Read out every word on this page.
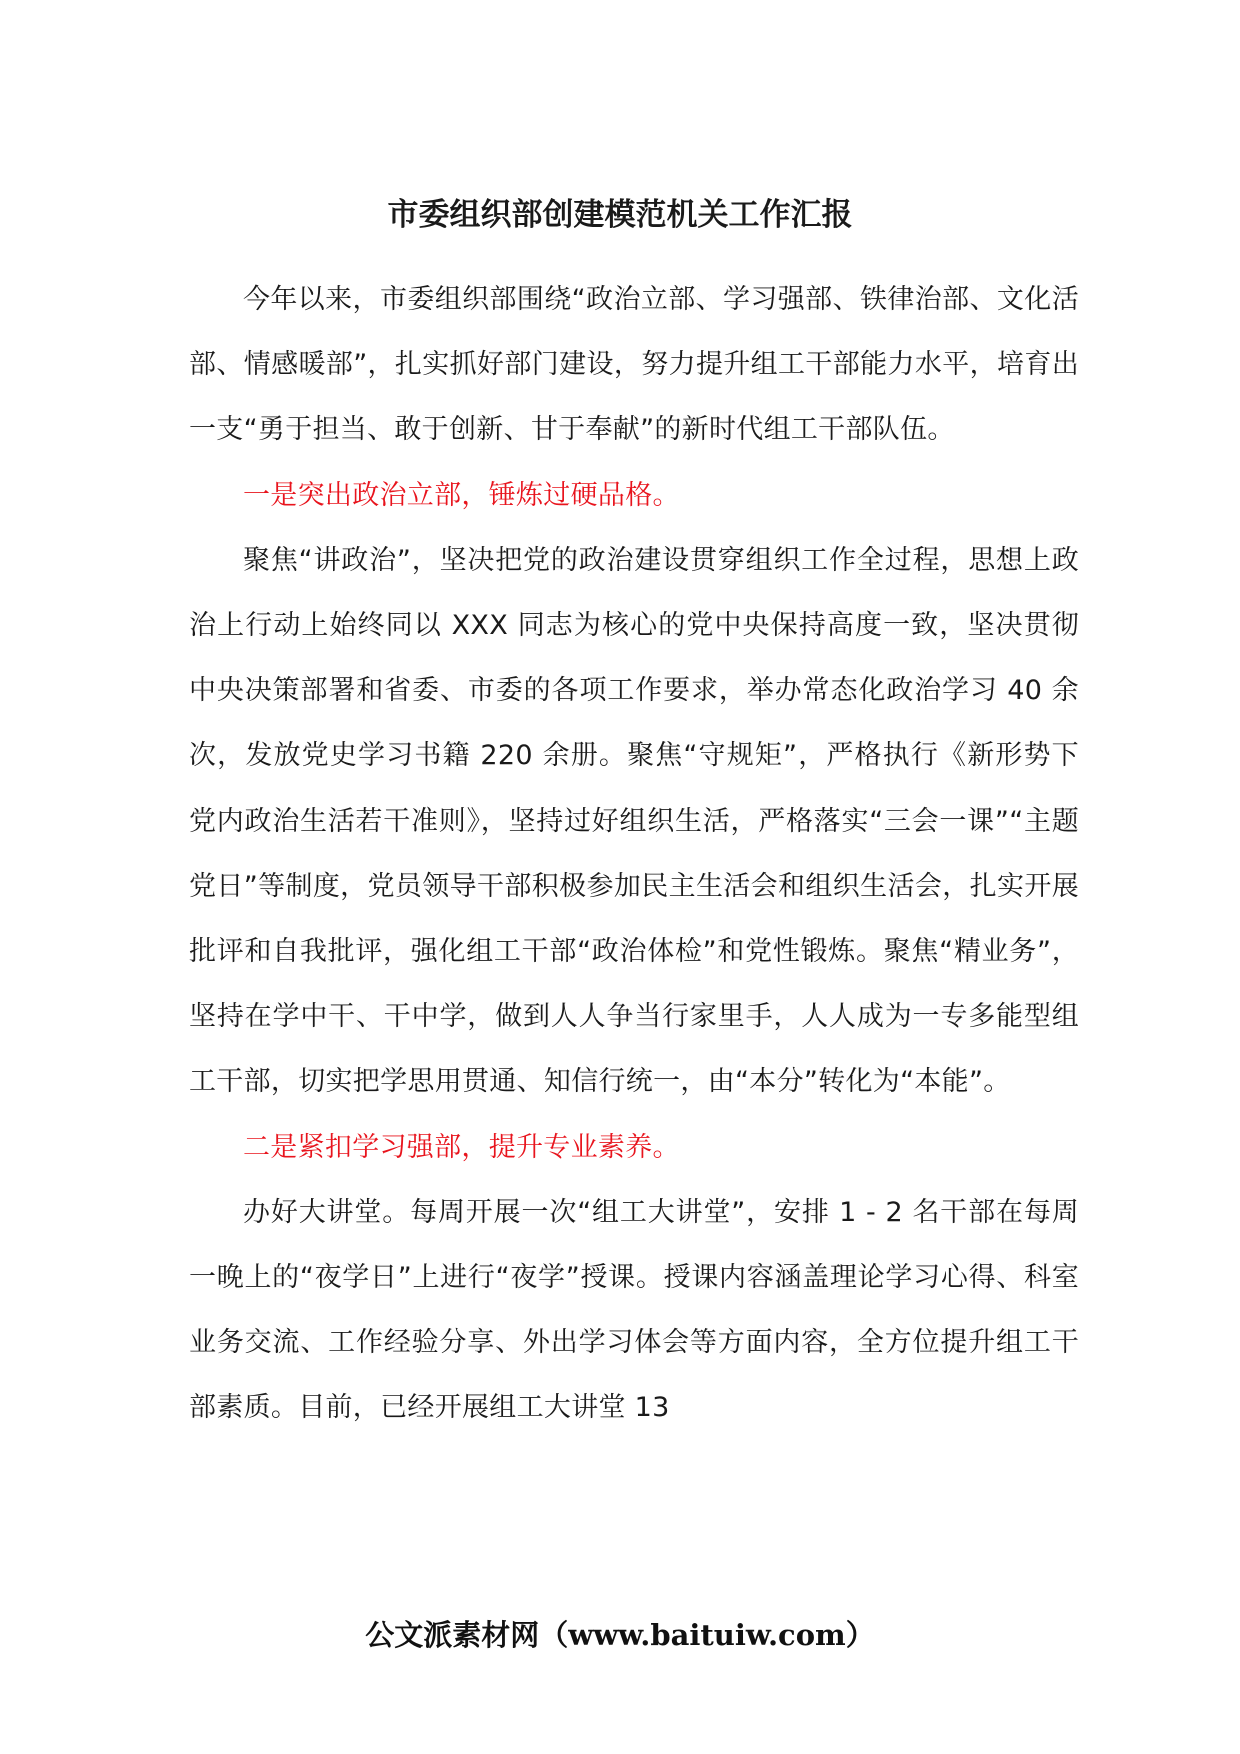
市委组织部创建模范机关工作汇报

今年以来，市委组织部围绕“政治立部、学习强部、铁律治部、文化活部、情感暖部”，扎实抓好部门建设，努力提升组工干部能力水平，培育出一支“勇于担当、敢于创新、甘于奉献”的新时代组工干部队伍。

一是突出政治立部，锤炼过硬品格。

聚焦“讲政治”，坚决把党的政治建设贯穿组织工作全过程，思想上政治上行动上始终同以 XXX 同志为核心的党中央保持高度一致，坚决贯彻中央决策部署和省委、市委的各项工作要求，举办常态化政治学习 40 余次，发放党史学习书籍 220 余册。聚焦“守规矩”，严格执行《新形势下党内政治生活若干准则》，坚持过好组织生活，严格落实“三会一课”“主题党日”等制度，党员领导干部积极参加民主生活会和组织生活会，扎实开展批评和自我批评，强化组工干部“政治体检”和党性锻炼。聚焦“精业务”，坚持在学中干、干中学，做到人人争当行家里手，人人成为一专多能型组工干部，切实把学思用贯通、知信行统一，由“本分”转化为“本能”。

二是紧扣学习强部，提升专业素养。

办好大讲堂。每周开展一次“组工大讲堂”，安排 1 - 2 名干部在每周一晚上的“夜学日”上进行“夜学”授课。授课内容涵盖理论学习心得、科室业务交流、工作经验分享、外出学习体会等方面内容，全方位提升组工干部素质。目前，已经开展组工大讲堂 13

公文派素材网（www.baituiw.com）
